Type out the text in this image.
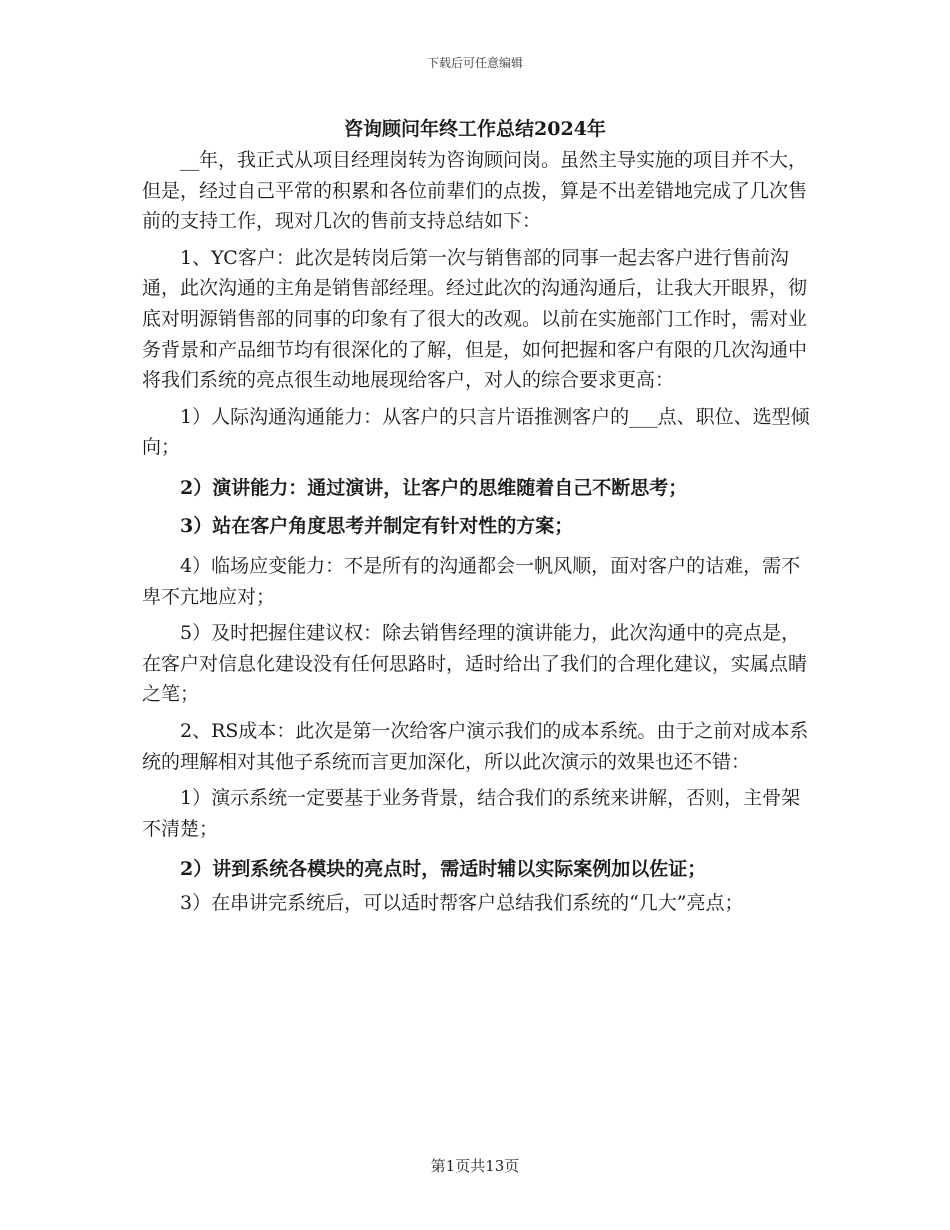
下载后可任意编辑
咨询顾问年终工作总结2024年

__年，我正式从项目经理岗转为咨询顾问岗。虽然主导实施的项目并不大，但是，经过自己平常的积累和各位前辈们的点拨，算是不出差错地完成了几次售前的支持工作，现对几次的售前支持总结如下：

1、YC客户：此次是转岗后第一次与销售部的同事一起去客户进行售前沟通，此次沟通的主角是销售部经理。经过此次的沟通沟通后，让我大开眼界，彻底对明源销售部的同事的印象有了很大的改观。以前在实施部门工作时，需对业务背景和产品细节均有很深化的了解，但是，如何把握和客户有限的几次沟通中将我们系统的亮点很生动地展现给客户，对人的综合要求更高：

1）人际沟通沟通能力：从客户的只言片语推测客户的___点、职位、选型倾向；

2）演讲能力：通过演讲，让客户的思维随着自己不断思考；

3）站在客户角度思考并制定有针对性的方案；

4）临场应变能力：不是所有的沟通都会一帆风顺，面对客户的诘难，需不卑不亢地应对；

5）及时把握住建议权：除去销售经理的演讲能力，此次沟通中的亮点是，在客户对信息化建设没有任何思路时，适时给出了我们的合理化建议，实属点睛之笔；

2、RS成本：此次是第一次给客户演示我们的成本系统。由于之前对成本系统的理解相对其他子系统而言更加深化，所以此次演示的效果也还不错：

1）演示系统一定要基于业务背景，结合我们的系统来讲解，否则，主骨架不清楚；

2）讲到系统各模块的亮点时，需适时辅以实际案例加以佐证；

3）在串讲完系统后，可以适时帮客户总结我们系统的“几大”亮点；

第1页共13页
